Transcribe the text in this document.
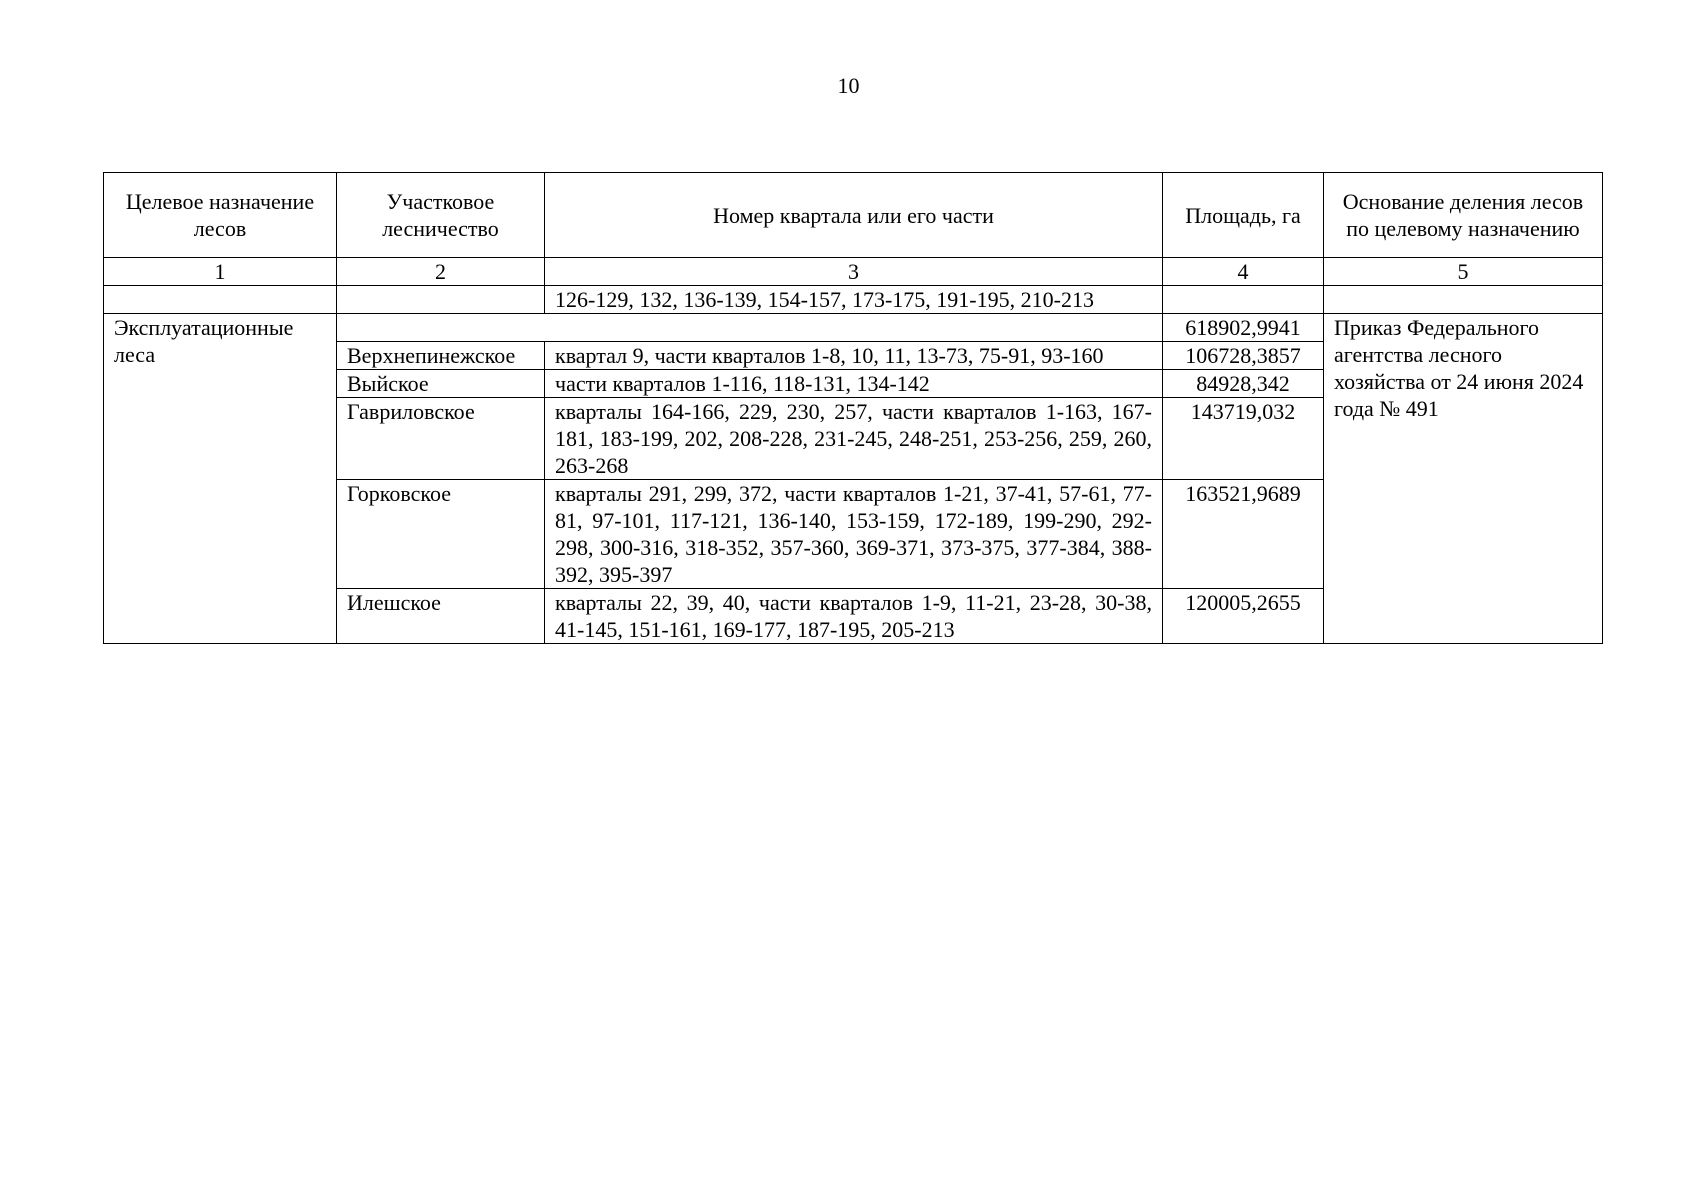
10
Целевое назначение лесов	Участковое лесничество	Номер квартала или его части	Площадь, га	Основание деления лесов по целевому назначению
1	2	3	4	5
		126-129, 132, 136-139, 154-157, 173-175, 191-195, 210-213		
Эксплуатационные леса			618902,9941	Приказ Федерального агентства лесного хозяйства от 24 июня 2024 года № 491
	Верхнепинежское	квартал 9, части кварталов 1-8, 10, 11, 13-73, 75-91, 93-160	106728,3857	
	Выйское	части кварталов 1-116, 118-131, 134-142	84928,342	
	Гавриловское	кварталы 164-166, 229, 230, 257, части кварталов 1-163, 167-181, 183-199, 202, 208-228, 231-245, 248-251, 253-256, 259, 260, 263-268	143719,032	
	Горковское	кварталы 291, 299, 372, части кварталов 1-21, 37-41, 57-61, 77-81, 97-101, 117-121, 136-140, 153-159, 172-189, 199-290, 292-298, 300-316, 318-352, 357-360, 369-371, 373-375, 377-384, 388-392, 395-397	163521,9689	
	Илешское	кварталы 22, 39, 40, части кварталов 1-9, 11-21, 23-28, 30-38, 41-145, 151-161, 169-177, 187-195, 205-213	120005,2655	
